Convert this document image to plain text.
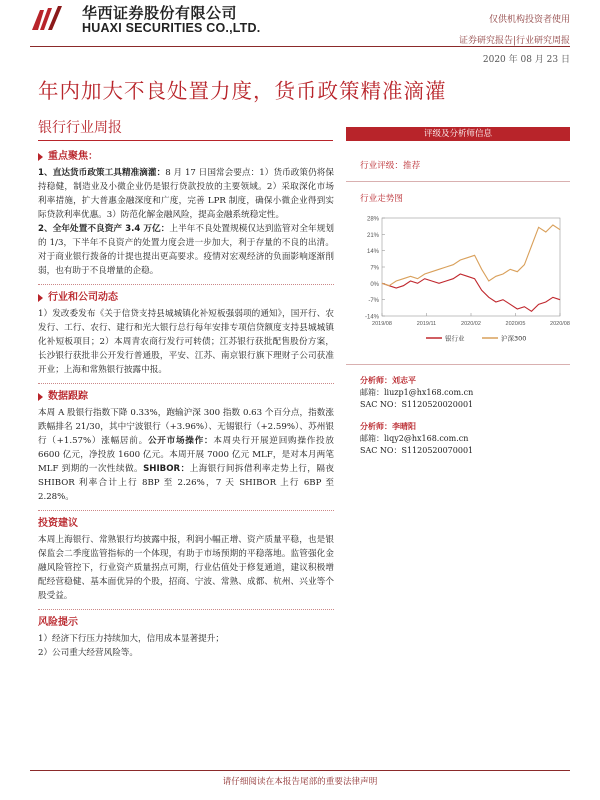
华西证券股份有限公司
HUAXI SECURITIES CO.,LTD.
仅供机构投资者使用
证券研究报告|行业研究周报
2020 年 08 月 23 日
年内加大不良处置力度，货币政策精准滴灌
银行行业周报
重点聚焦：

1、直达货币政策工具精准滴灌：8 月 17 日国常会要点：1）货币政策仍将保持稳健，制造业及小微企业仍是银行贷款投放的主要领域。2）采取深化市场利率措施，扩大普惠金融深度和广度，完善 LPR 制度，确保小微企业得到实际贷款利率优惠。3）防范化解金融风险，提高金融系统稳定性。

2、全年处置不良资产 3.4 万亿：上半年不良处置规模仅达到监管对全年规划的 1/3，下半年不良资产的处置力度会进一步加大，利于存量的不良的出清。对于商业银行拨备的计提也提出更高要求。疫情对宏观经济的负面影响逐渐削弱，也有助于不良增量的企稳。

行业和公司动态

1）发改委发布《关于信贷支持县城城镇化补短板强弱项的通知》，国开行、农发行、工行、农行、建行和光大银行总行每年安排专项信贷额度支持县城城镇化补短板项目；2）本周青农商行发行可转债；江苏银行获批配售股份方案，长沙银行获批非公开发行普通股，平安、江苏、南京银行旗下理财子公司获准开业；上海和常熟银行披露中报。

数据跟踪

本周 A 股银行指数下降 0.33%，跑输沪深 300 指数 0.63 个百分点，指数涨跌幅排名 21/30，其中宁波银行（+3.96%）、无锡银行（+2.59%）、苏州银行（+1.57%）涨幅居前。公开市场操作：本周央行开展逆回购操作投放 6600 亿元，净投放 1600 亿元。本周开展 7000 亿元 MLF，是对本月两笔 MLF 到期的一次性续做。SHIBOR：上海银行间拆借利率走势上行，隔夜 SHIBOR 利率合计上行 8BP 至 2.26%，7 天 SHIBOR 上行 6BP 至 2.28%。

投资建议

本周上海银行、常熟银行均披露中报，利润小幅正增、资产质量平稳，也是银保监会二季度监管指标的一个体现，有助于市场预期的平稳落地。监管强化金融风险管控下，行业资产质量拐点可期，行业估值处于修复通道，建议积极增配经营稳健、基本面优异的个股，招商、宁波、常熟、成都、杭州、兴业等个股受益。

风险提示

1）经济下行压力持续加大，信用成本显著提升；

2）公司重大经营风险等。

评级及分析师信息
行业评级：推荐
行业走势图
28%
21%
14%
7%
0%
-7%
-14%
2019/08	2019/11	2020/02	2020/05	2020/08
银行业	沪深300
分析师：刘志平
邮箱：liuzp1@hx168.com.cn
SAC NO：S1120520020001
分析师：李晴阳
邮箱：liqy2@hx168.com.cn
SAC NO：S1120520070001
请仔细阅读在本报告尾部的重要法律声明
